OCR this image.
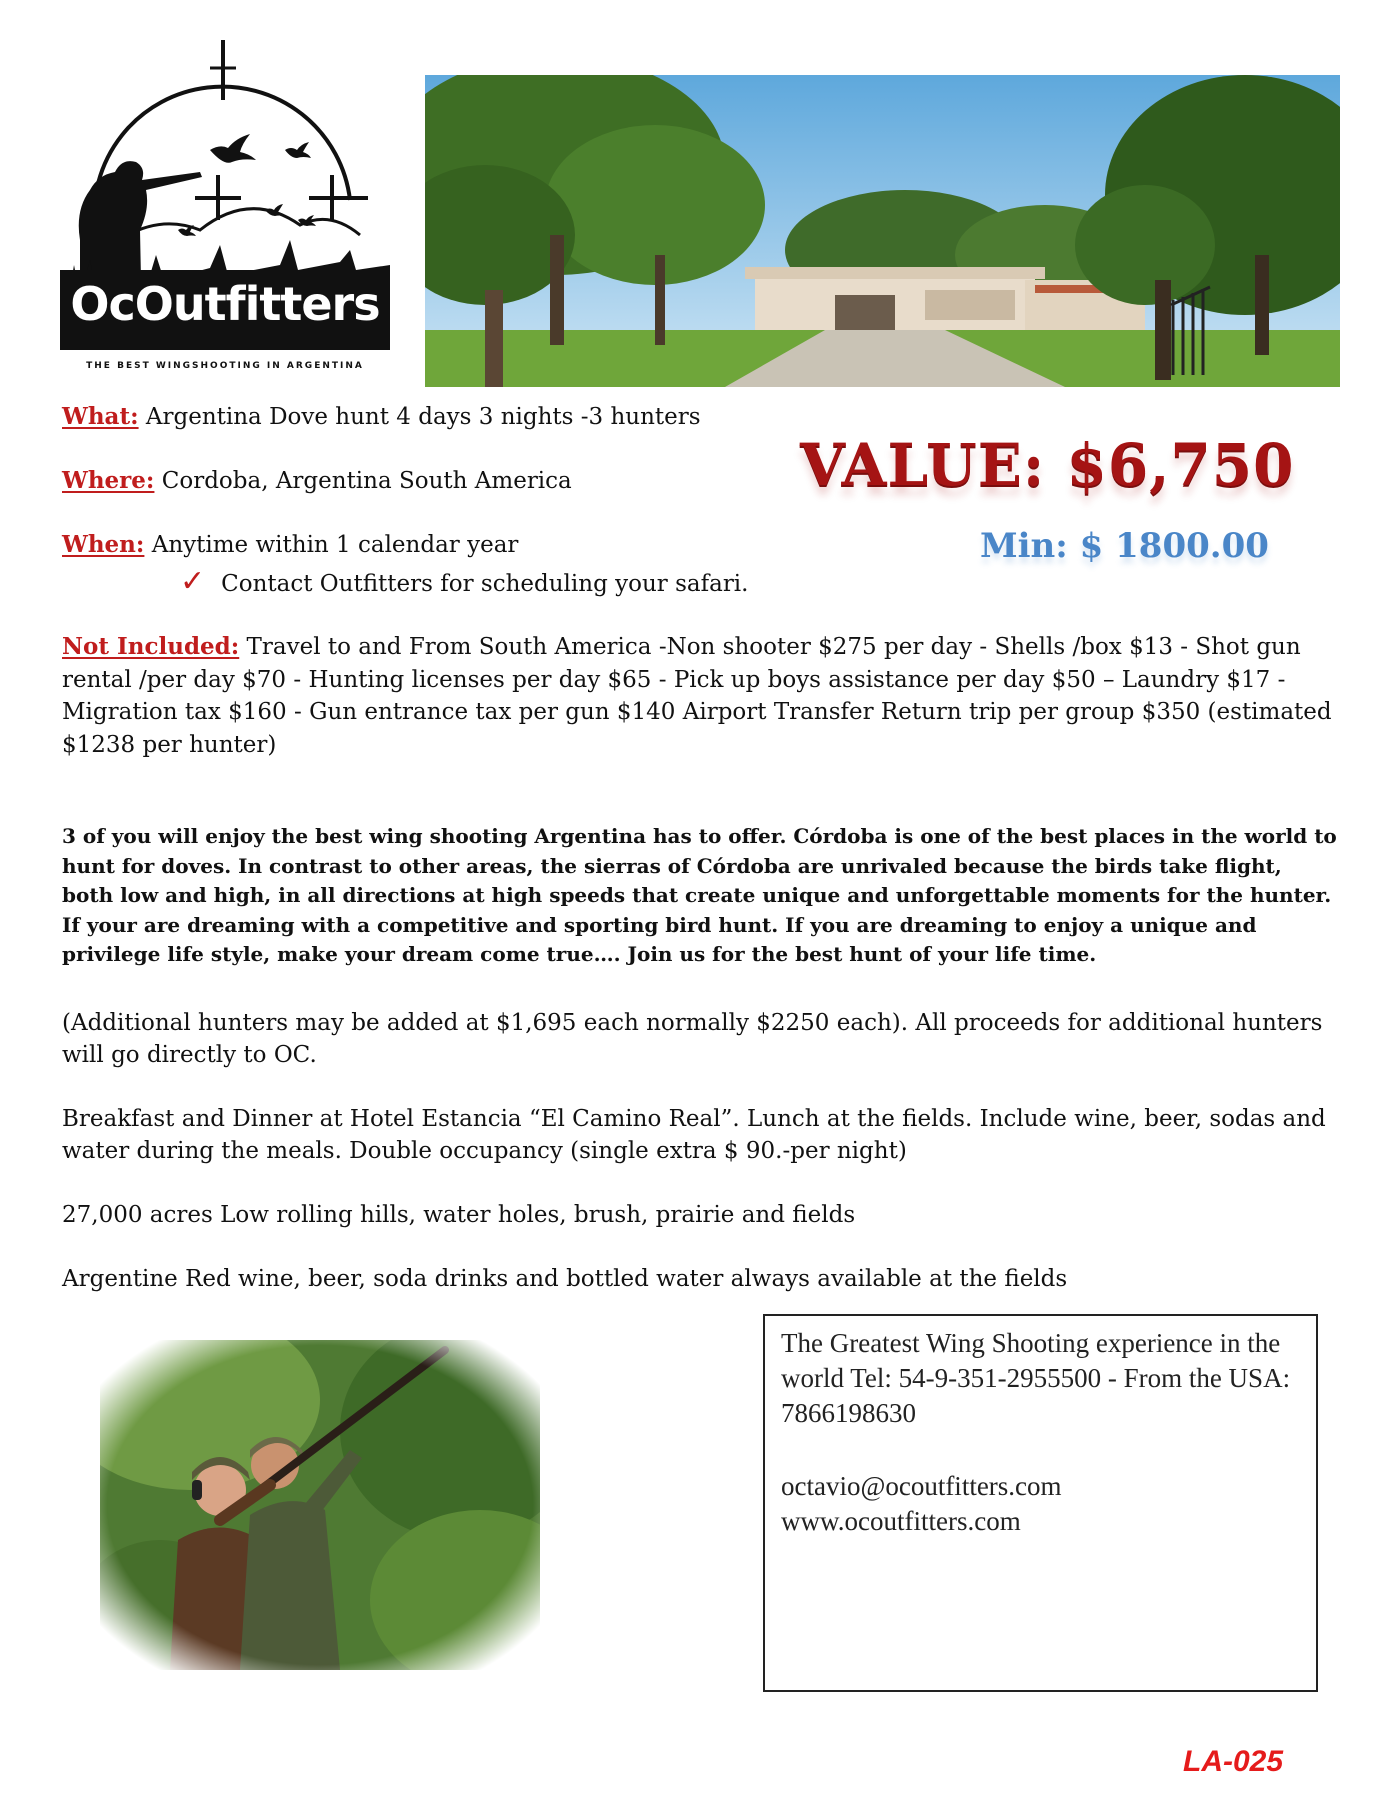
OcOutfitters
THE BEST WINGSHOOTING IN ARGENTINA
What: Argentina Dove hunt 4 days 3 nights -3 hunters
Where: Cordoba, Argentina South America
When: Anytime within 1 calendar year
✓ Contact Outfitters for scheduling your safari.
VALUE: $6,750
Min: $ 1800.00
Not Included: Travel to and From South America -Non shooter $275 per day - Shells /box $13 - Shot gun rental /per day $70 - Hunting licenses per day $65 - Pick up boys assistance per day $50 – Laundry $17 - Migration tax $160 - Gun entrance tax per gun $140 Airport Transfer Return trip per group $350 (estimated $1238 per hunter)
3 of you will enjoy the best wing shooting Argentina has to offer. Córdoba is one of the best places in the world to hunt for doves. In contrast to other areas, the sierras of Córdoba are unrivaled because the birds take flight, both low and high, in all directions at high speeds that create unique and unforgettable moments for the hunter. If your are dreaming with a competitive and sporting bird hunt. If you are dreaming to enjoy a unique and privilege life style, make your dream come true…. Join us for the best hunt of your life time.
(Additional hunters may be added at $1,695 each normally $2250 each). All proceeds for additional hunters will go directly to OC.
Breakfast and Dinner at Hotel Estancia “El Camino Real”. Lunch at the fields. Include wine, beer, sodas and water during the meals. Double occupancy (single extra $ 90.-per night)
27,000 acres Low rolling hills, water holes, brush, prairie and fields
Argentine Red wine, beer, soda drinks and bottled water always available at the fields

The Greatest Wing Shooting experience in the world Tel: 54-9-351-2955500 - From the USA: 7866198630

octavio@ocoutfitters.com

www.ocoutfitters.com

LA-025
